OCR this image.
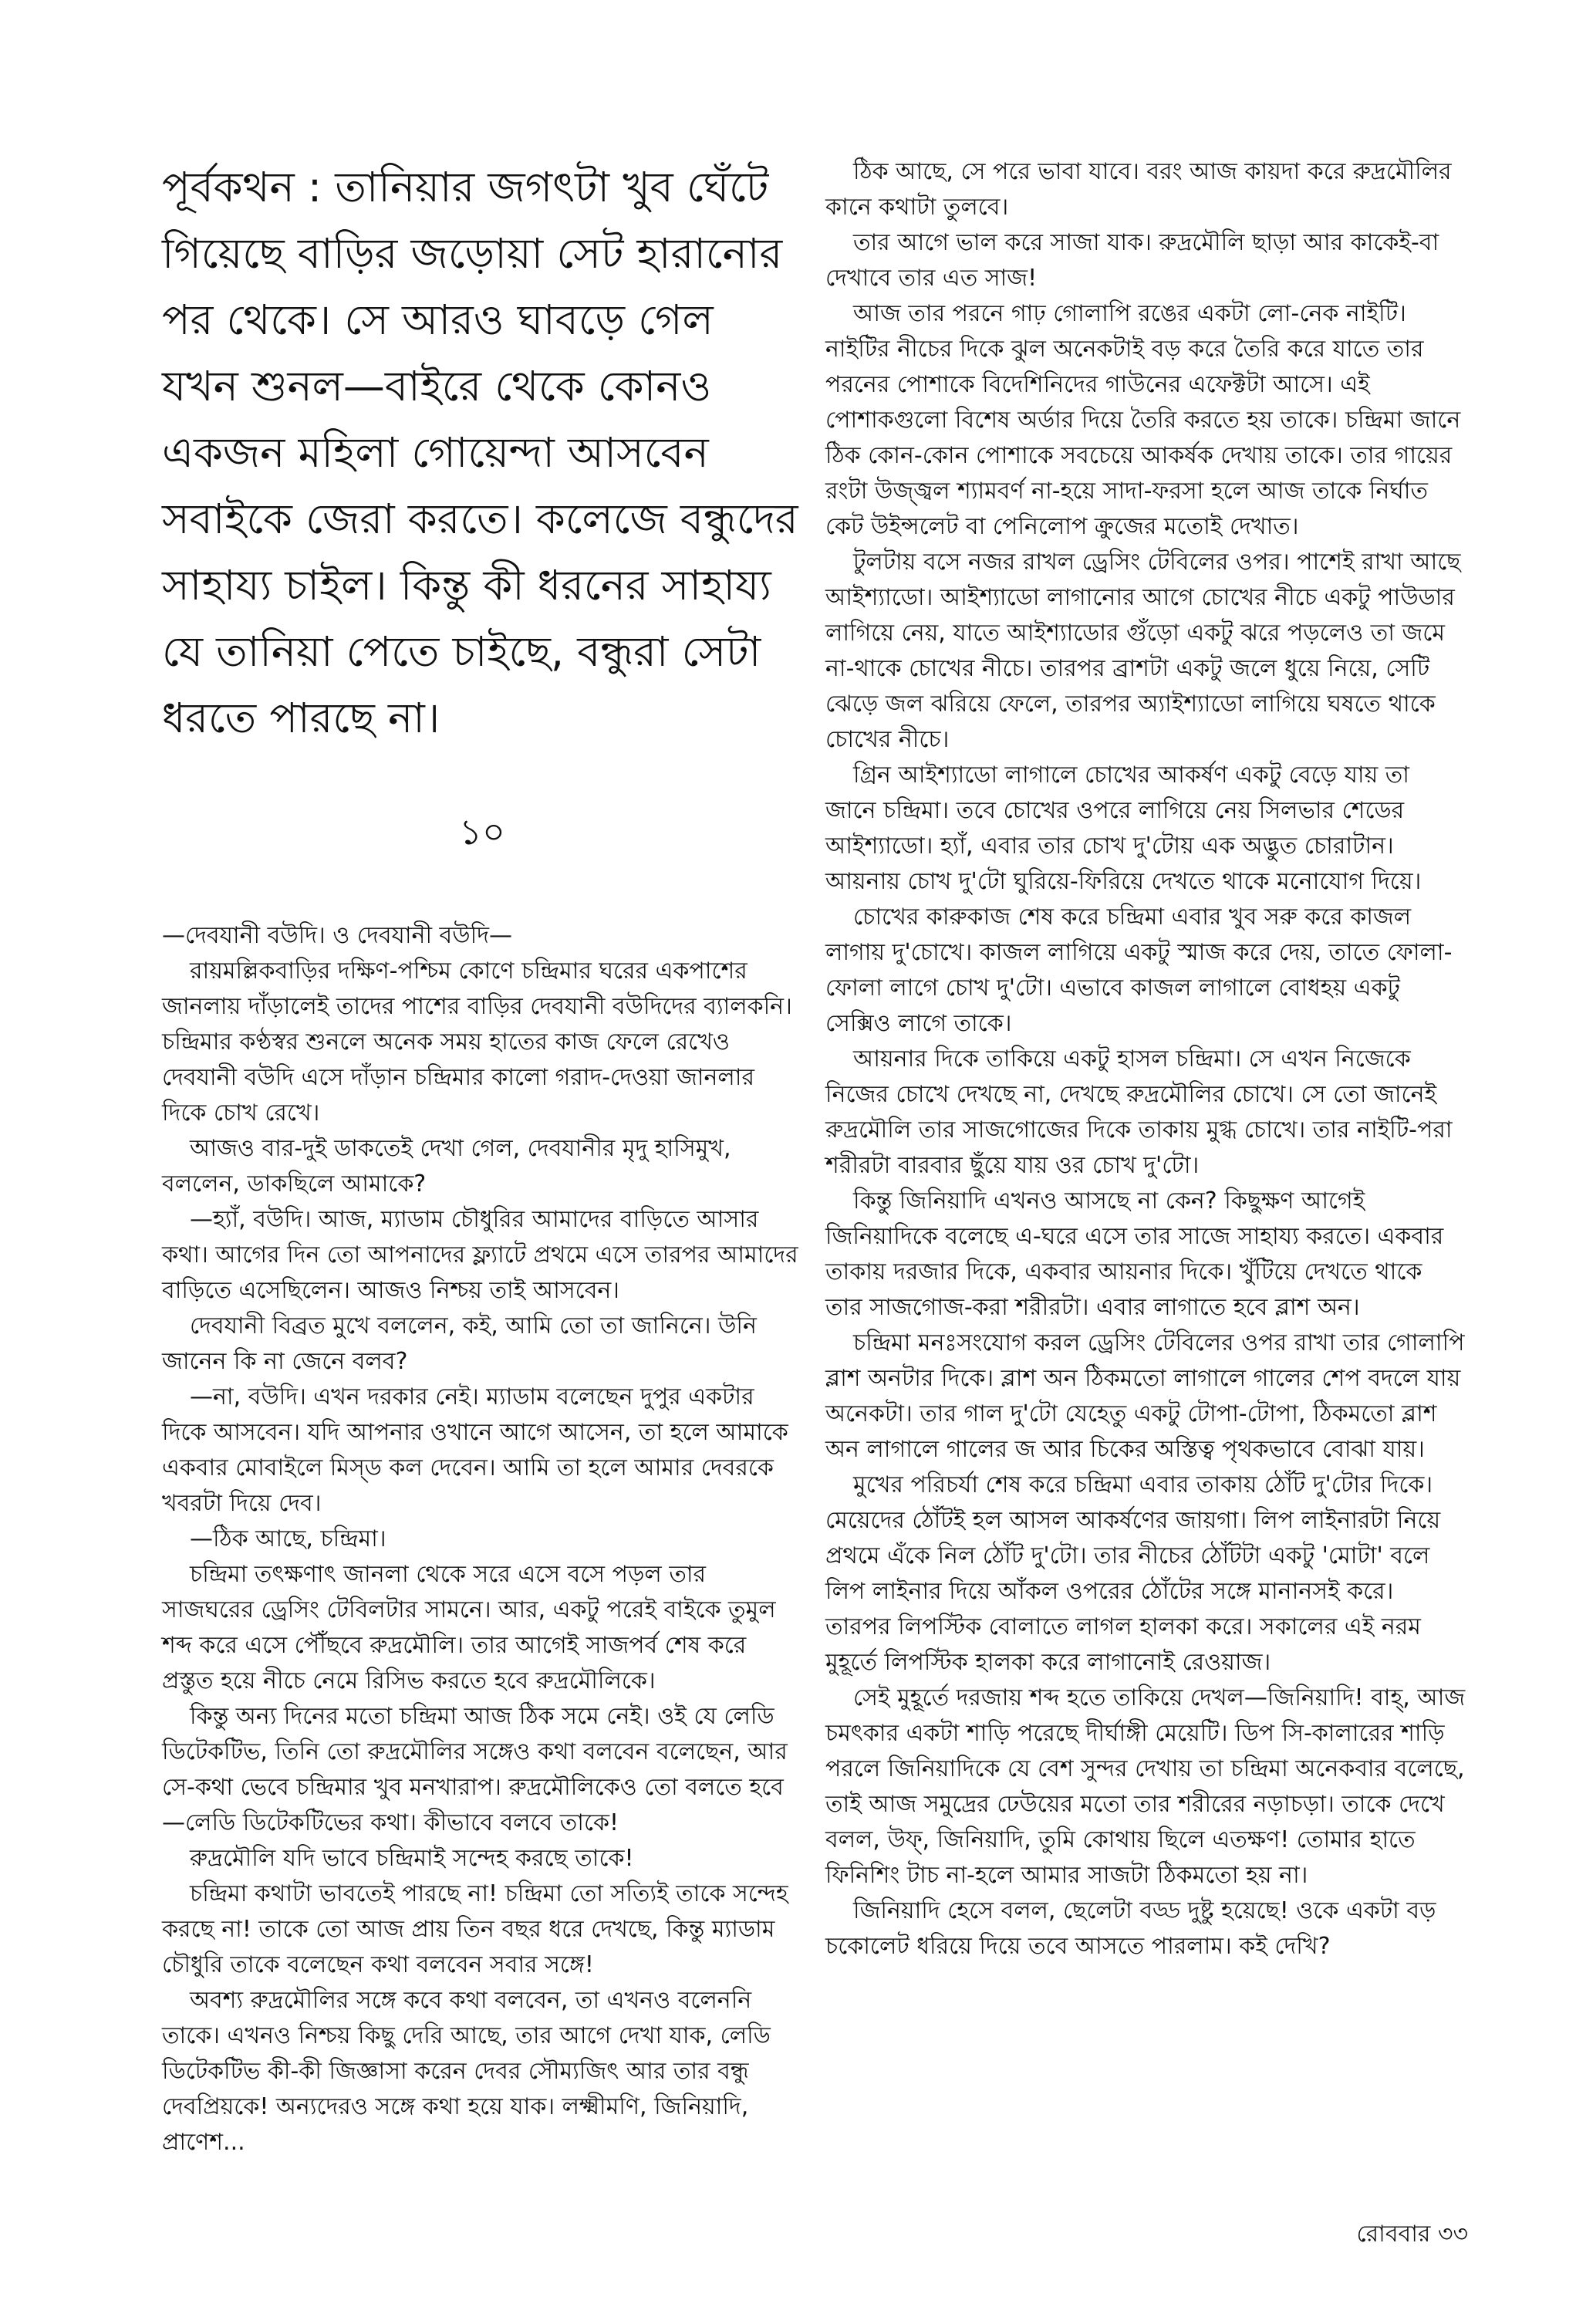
পূর্বকথন : তানিয়ার জগৎটা খুব ঘেঁটে গিয়েছে বাড়ির জড়োয়া সেট হারানোর পর থেকে। সে আরও ঘাবড়ে গেল যখন শুনল—বাইরে থেকে কোনও একজন মহিলা গোয়েন্দা আসবেন সবাইকে জেরা করতে। কলেজে বন্ধুদের সাহায্য চাইল। কিন্তু কী ধরনের সাহায্য যে তানিয়া পেতে চাইছে, বন্ধুরা সেটা ধরতে পারছে না।

১০

—দেবযানী বউদি। ও দেবযানী বউদি—

রায়মল্লিকবাড়ির দক্ষিণ-পশ্চিম কোণে চন্দ্রিমার ঘরের একপাশের জানলায় দাঁড়ালেই তাদের পাশের বাড়ির দেবযানী বউদিদের ব্যালকনি। চন্দ্রিমার কণ্ঠস্বর শুনলে অনেক সময় হাতের কাজ ফেলে রেখেও দেবযানী বউদি এসে দাঁড়ান চন্দ্রিমার কালো গরাদ-দেওয়া জানলার দিকে চোখ রেখে।

আজও বার-দুই ডাকতেই দেখা গেল, দেবযানীর মৃদু হাসিমুখ, বললেন, ডাকছিলে আমাকে?

—হ্যাঁ, বউদি। আজ, ম্যাডাম চৌধুরির আমাদের বাড়িতে আসার কথা। আগের দিন তো আপনাদের ফ্ল্যাটে প্রথমে এসে তারপর আমাদের বাড়িতে এসেছিলেন। আজও নিশ্চয় তাই আসবেন।

দেবযানী বিব্রত মুখে বললেন, কই, আমি তো তা জানিনে। উনি জানেন কি না জেনে বলব?

—না, বউদি। এখন দরকার নেই। ম্যাডাম বলেছেন দুপুর একটার দিকে আসবেন। যদি আপনার ওখানে আগে আসেন, তা হলে আমাকে একবার মোবাইলে মিস্‌ড কল দেবেন। আমি তা হলে আমার দেবরকে খবরটা দিয়ে দেব।

—ঠিক আছে, চন্দ্রিমা।

চন্দ্রিমা তৎক্ষণাৎ জানলা থেকে সরে এসে বসে পড়ল তার সাজঘরের ড্রেসিং টেবিলটার সামনে। আর, একটু পরেই বাইকে তুমুল শব্দ করে এসে পৌঁছবে রুদ্রমৌলি। তার আগেই সাজপর্ব শেষ করে প্রস্তুত হয়ে নীচে নেমে রিসিভ করতে হবে রুদ্রমৌলিকে।

কিন্তু অন্য দিনের মতো চন্দ্রিমা আজ ঠিক সমে নেই। ওই যে লেডি ডিটেকটিভ, তিনি তো রুদ্রমৌলির সঙ্গেও কথা বলবেন বলেছেন, আর সে-কথা ভেবে চন্দ্রিমার খুব মনখারাপ। রুদ্রমৌলিকেও তো বলতে হবে—লেডি ডিটেকটিভের কথা। কীভাবে বলবে তাকে!

রুদ্রমৌলি যদি ভাবে চন্দ্রিমাই সন্দেহ করছে তাকে!

চন্দ্রিমা কথাটা ভাবতেই পারছে না! চন্দ্রিমা তো সত্যিই তাকে সন্দেহ করছে না! তাকে তো আজ প্রায় তিন বছর ধরে দেখছে, কিন্তু ম্যাডাম চৌধুরি তাকে বলেছেন কথা বলবেন সবার সঙ্গে!

অবশ্য রুদ্রমৌলির সঙ্গে কবে কথা বলবেন, তা এখনও বলেননি তাকে। এখনও নিশ্চয় কিছু দেরি আছে, তার আগে দেখা যাক, লেডি ডিটেকটিভ কী-কী জিজ্ঞাসা করেন দেবর সৌম্যজিৎ আর তার বন্ধু দেবপ্রিয়কে! অন্যদেরও সঙ্গে কথা হয়ে যাক। লক্ষ্মীমণি, জিনিয়াদি, প্রাণেশ...

ঠিক আছে, সে পরে ভাবা যাবে। বরং আজ কায়দা করে রুদ্রমৌলির কানে কথাটা তুলবে।

তার আগে ভাল করে সাজা যাক। রুদ্রমৌলি ছাড়া আর কাকেই-বা দেখাবে তার এত সাজ!

আজ তার পরনে গাঢ় গোলাপি রঙের একটা লো-নেক নাইটি। নাইটির নীচের দিকে ঝুল অনেকটাই বড় করে তৈরি করে যাতে তার পরনের পোশাকে বিদেশিনিদের গাউনের এফেক্টটা আসে। এই পোশাকগুলো বিশেষ অর্ডার দিয়ে তৈরি করতে হয় তাকে। চন্দ্রিমা জানে ঠিক কোন-কোন পোশাকে সবচেয়ে আকর্ষক দেখায় তাকে। তার গায়ের রংটা উজ্জ্বল শ্যামবর্ণ না-হয়ে সাদা-ফরসা হলে আজ তাকে নির্ঘাত কেট উইন্সলেট বা পেনিলোপ ক্রুজের মতোই দেখাত।

টুলটায় বসে নজর রাখল ড্রেসিং টেবিলের ওপর। পাশেই রাখা আছে আইশ্যাডো। আইশ্যাডো লাগানোর আগে চোখের নীচে একটু পাউডার লাগিয়ে নেয়, যাতে আইশ্যাডোর গুঁড়ো একটু ঝরে পড়লেও তা জমে না-থাকে চোখের নীচে। তারপর ব্রাশটা একটু জলে ধুয়ে নিয়ে, সেটি ঝেড়ে জল ঝরিয়ে ফেলে, তারপর অ্যাইশ্যাডো লাগিয়ে ঘষতে থাকে চোখের নীচে।

গ্রিন আইশ্যাডো লাগালে চোখের আকর্ষণ একটু বেড়ে যায় তা জানে চন্দ্রিমা। তবে চোখের ওপরে লাগিয়ে নেয় সিলভার শেডের আইশ্যাডো। হ্যাঁ, এবার তার চোখ দু'টোয় এক অদ্ভুত চোরাটান। আয়নায় চোখ দু'টো ঘুরিয়ে-ফিরিয়ে দেখতে থাকে মনোযোগ দিয়ে।

চোখের কারুকাজ শেষ করে চন্দ্রিমা এবার খুব সরু করে কাজল লাগায় দু'চোখে। কাজল লাগিয়ে একটু স্মাজ করে দেয়, তাতে ফোলা-ফোলা লাগে চোখ দু'টো। এভাবে কাজল লাগালে বোধহয় একটু সেক্সিও লাগে তাকে।

আয়নার দিকে তাকিয়ে একটু হাসল চন্দ্রিমা। সে এখন নিজেকে নিজের চোখে দেখছে না, দেখছে রুদ্রমৌলির চোখে। সে তো জানেই রুদ্রমৌলি তার সাজগোজের দিকে তাকায় মুগ্ধ চোখে। তার নাইটি-পরা শরীরটা বারবার ছুঁয়ে যায় ওর চোখ দু'টো।

কিন্তু জিনিয়াদি এখনও আসছে না কেন? কিছুক্ষণ আগেই জিনিয়াদিকে বলেছে এ-ঘরে এসে তার সাজে সাহায্য করতে। একবার তাকায় দরজার দিকে, একবার আয়নার দিকে। খুঁটিয়ে দেখতে থাকে তার সাজগোজ-করা শরীরটা। এবার লাগাতে হবে ব্লাশ অন।

চন্দ্রিমা মনঃসংযোগ করল ড্রেসিং টেবিলের ওপর রাখা তার গোলাপি ব্লাশ অনটার দিকে। ব্লাশ অন ঠিকমতো লাগালে গালের শেপ বদলে যায় অনেকটা। তার গাল দু'টো যেহেতু একটু টোপা-টোপা, ঠিকমতো ব্লাশ অন লাগালে গালের জ আর চিকের অস্তিত্ব পৃথকভাবে বোঝা যায়।

মুখের পরিচর্যা শেষ করে চন্দ্রিমা এবার তাকায় ঠোঁট দু'টোর দিকে। মেয়েদের ঠোঁটই হল আসল আকর্ষণের জায়গা। লিপ লাইনারটা নিয়ে প্রথমে এঁকে নিল ঠোঁট দু'টো। তার নীচের ঠোঁটটা একটু 'মোটা' বলে লিপ লাইনার দিয়ে আঁকল ওপরের ঠোঁটের সঙ্গে মানানসই করে। তারপর লিপস্টিক বোলাতে লাগল হালকা করে। সকালের এই নরম মুহূর্তে লিপস্টিক হালকা করে লাগানোই রেওয়াজ।

সেই মুহূর্তে দরজায় শব্দ হতে তাকিয়ে দেখল—জিনিয়াদি! বাহ্‌, আজ চমৎকার একটা শাড়ি পরেছে দীর্ঘাঙ্গী মেয়েটি। ডিপ সি-কালারের শাড়ি পরলে জিনিয়াদিকে যে বেশ সুন্দর দেখায় তা চন্দ্রিমা অনেকবার বলেছে, তাই আজ সমুদ্রের ঢেউয়ের মতো তার শরীরের নড়াচড়া। তাকে দেখে বলল, উফ্‌, জিনিয়াদি, তুমি কোথায় ছিলে এতক্ষণ! তোমার হাতে ফিনিশিং টাচ না-হলে আমার সাজটা ঠিকমতো হয় না।

জিনিয়াদি হেসে বলল, ছেলেটা বড্ড দুষ্টু হয়েছে! ওকে একটা বড় চকোলেট ধরিয়ে দিয়ে তবে আসতে পারলাম। কই দেখি?

রোববার ৩৩
